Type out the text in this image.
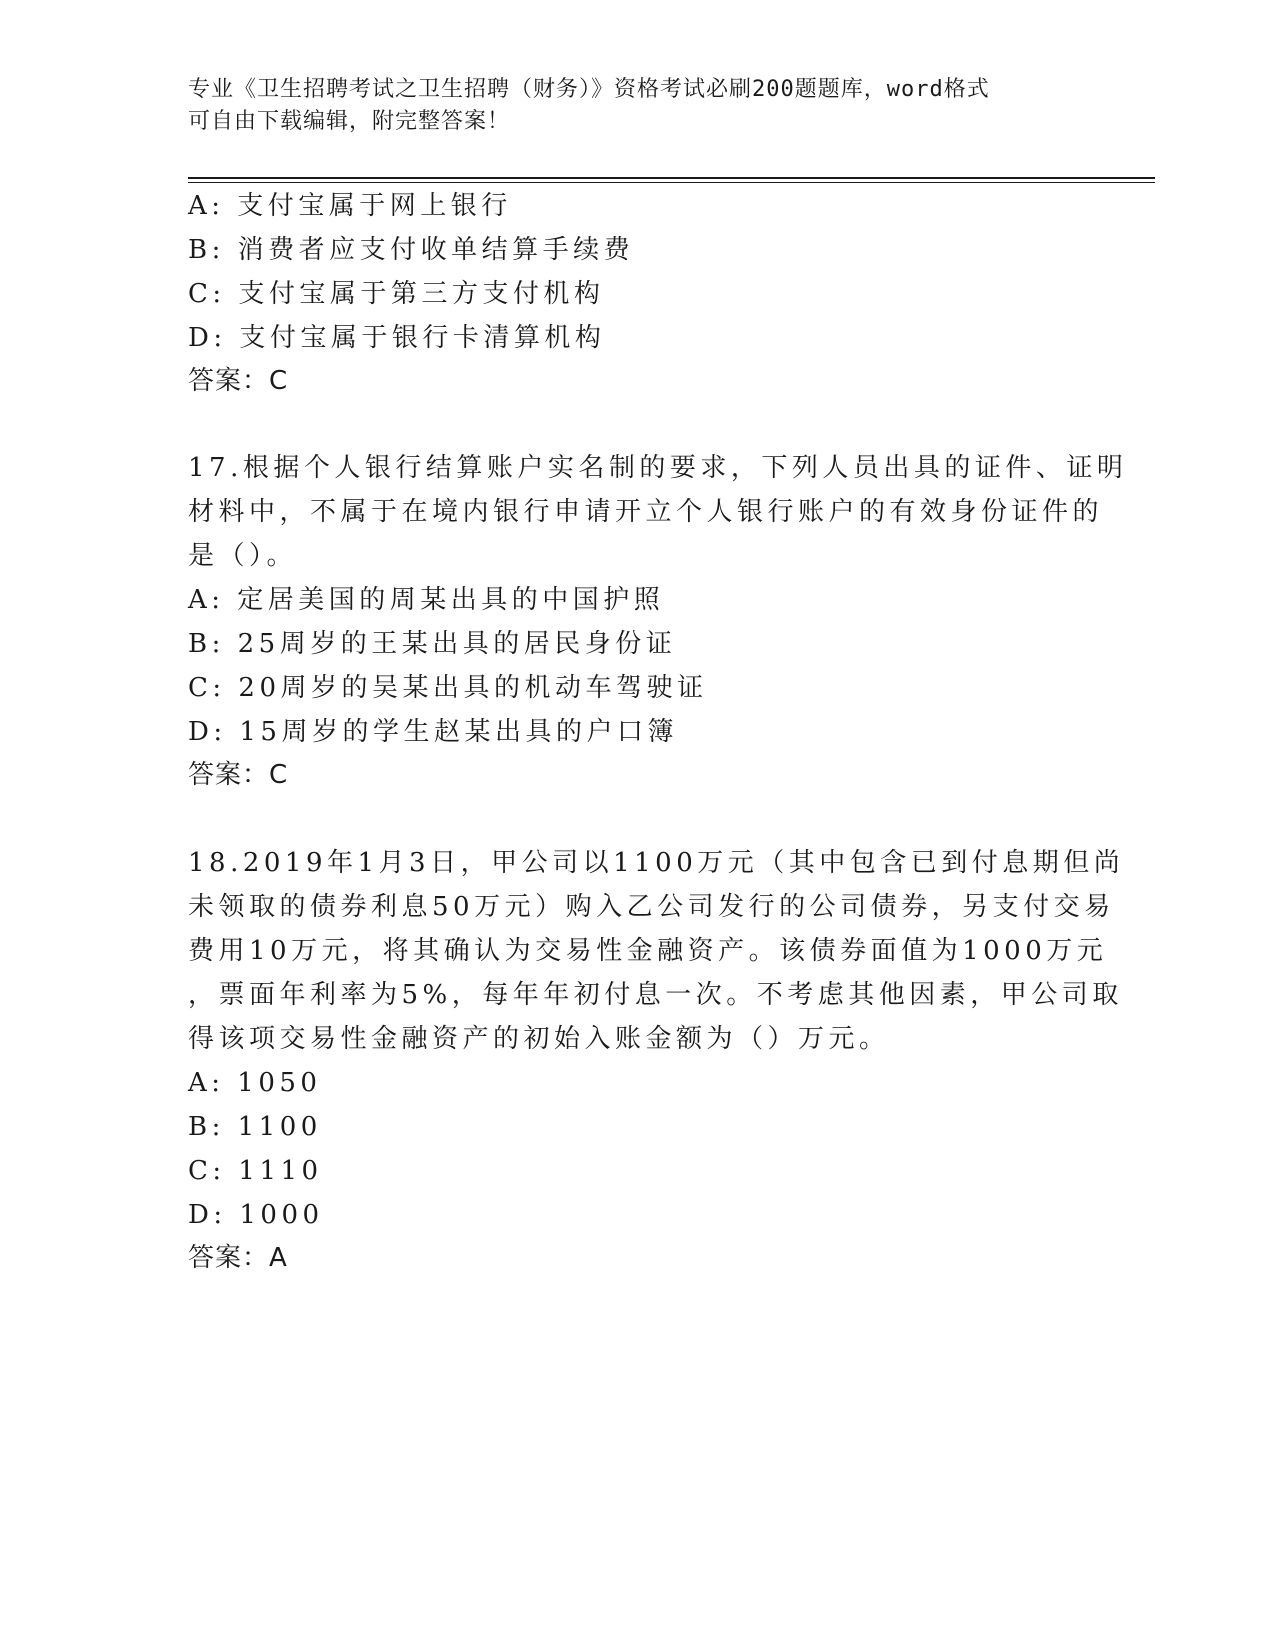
专业《卫生招聘考试之卫生招聘（财务）》资格考试必刷200题题库，word格式
可自由下载编辑，附完整答案！
A: 支付宝属于网上银行
B: 消费者应支付收单结算手续费
C: 支付宝属于第三方支付机构
D: 支付宝属于银行卡清算机构
答案：C
17.根据个人银行结算账户实名制的要求，下列人员出具的证件、证明
材料中，不属于在境内银行申请开立个人银行账户的有效身份证件的
是（）。
A: 定居美国的周某出具的中国护照
B: 25周岁的王某出具的居民身份证
C: 20周岁的吴某出具的机动车驾驶证
D: 15周岁的学生赵某出具的户口簿
答案：C
18.2019年1月3日，甲公司以1100万元（其中包含已到付息期但尚
未领取的债券利息50万元）购入乙公司发行的公司债券，另支付交易
费用10万元，将其确认为交易性金融资产。该债券面值为1000万元
，票面年利率为5%，每年年初付息一次。不考虑其他因素，甲公司取
得该项交易性金融资产的初始入账金额为（）万元。
A: 1050
B: 1100
C: 1110
D: 1000
答案：A
